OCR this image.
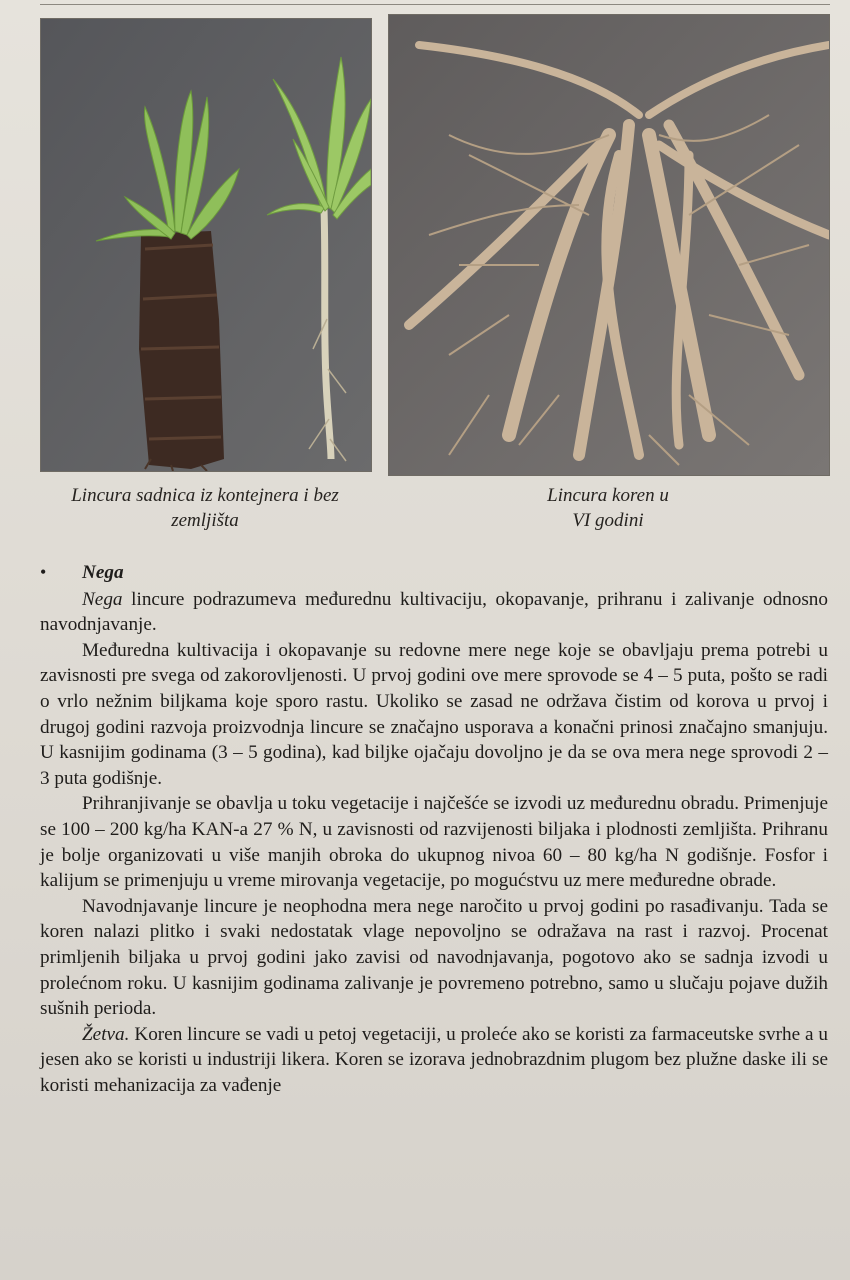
Lincura sadnica iz kontejnera i bez
zemljišta

Lincura koren u
VI godini

•	Nega

Nega lincure podrazumeva međurednu kultivaciju, okopavanje, prihranu i zalivanje odnosno navodnjavanje.

Međuredna kultivacija i okopavanje su redovne mere nege koje se obavljaju prema potrebi u zavisnosti pre svega od zakorovljenosti. U prvoj godini ove mere sprovode se 4 – 5 puta, pošto se radi o vrlo nežnim biljkama koje sporo rastu. Ukoliko se zasad ne održava čistim od korova u prvoj i drugoj godini razvoja proizvodnja lincure se značajno usporava a konačni prinosi značajno smanjuju. U kasnijim godinama (3 – 5 godina), kad biljke ojačaju dovoljno je da se ova mera nege sprovodi 2 – 3 puta godišnje.

Prihranjivanje se obavlja u toku vegetacije i najčešće se izvodi uz međurednu obradu. Primenjuje se 100 – 200 kg/ha KAN-a 27 % N, u zavisnosti od razvijenosti biljaka i plodnosti zemljišta. Prihranu je bolje organizovati u više manjih obroka do ukupnog nivoa 60 – 80 kg/ha N godišnje. Fosfor i kalijum se primenjuju u vreme mirovanja vegetacije, po mogućstvu uz mere međuredne obrade.

Navodnjavanje lincure je neophodna mera nege naročito u prvoj godini po rasađivanju. Tada se koren nalazi plitko i svaki nedostatak vlage nepovoljno se odražava na rast i razvoj. Procenat primljenih biljaka u prvoj godini jako zavisi od navodnjavanja, pogotovo ako se sadnja izvodi u prolećnom roku. U kasnijim godinama zalivanje je povremeno potrebno, samo u slučaju pojave dužih sušnih perioda.

Žetva. Koren lincure se vadi u petoj vegetaciji, u proleće ako se koristi za farmaceutske svrhe a u jesen ako se koristi u industriji likera. Koren se izorava jednobrazdnim plugom bez plužne daske ili se koristi mehanizacija za vađenje
